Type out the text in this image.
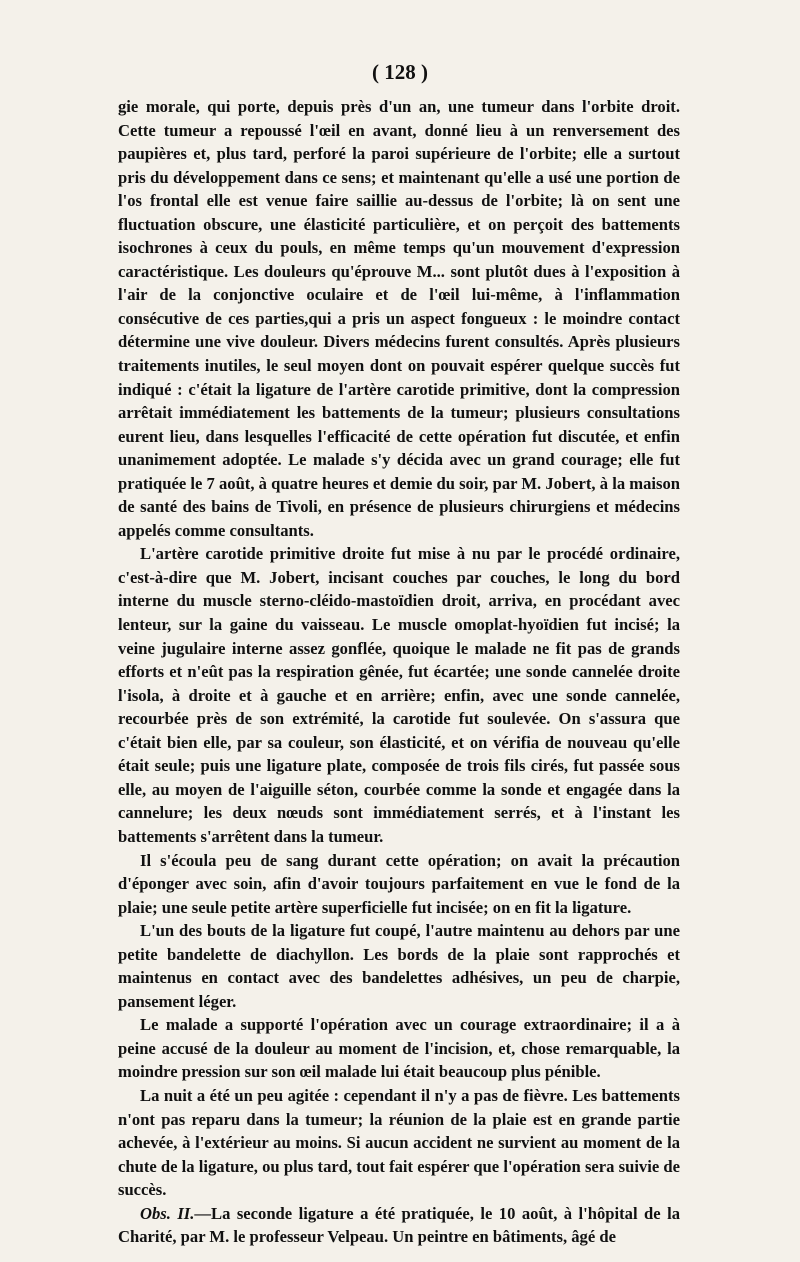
( 128 )

gie morale, qui porte, depuis près d'un an, une tumeur dans l'orbite droit. Cette tumeur a repoussé l'œil en avant, donné lieu à un renversement des paupières et, plus tard, perforé la paroi supérieure de l'orbite; elle a surtout pris du développement dans ce sens; et maintenant qu'elle a usé une portion de l'os frontal elle est venue faire saillie au-dessus de l'orbite; là on sent une fluctuation obscure, une élasticité particulière, et on perçoit des battements isochrones à ceux du pouls, en même temps qu'un mouvement d'expression caractéristique. Les douleurs qu'éprouve M... sont plutôt dues à l'exposition à l'air de la conjonctive oculaire et de l'œil lui-même, à l'inflammation consécutive de ces parties,qui a pris un aspect fongueux : le moindre contact détermine une vive douleur. Divers médecins furent consultés. Après plusieurs traitements inutiles, le seul moyen dont on pouvait espérer quelque succès fut indiqué : c'était la ligature de l'artère carotide primitive, dont la compression arrêtait immédiatement les battements de la tumeur; plusieurs consultations eurent lieu, dans lesquelles l'efficacité de cette opération fut discutée, et enfin unanimement adoptée. Le malade s'y décida avec un grand courage; elle fut pratiquée le 7 août, à quatre heures et demie du soir, par M. Jobert, à la maison de santé des bains de Tivoli, en présence de plusieurs chirurgiens et médecins appelés comme consultants.

L'artère carotide primitive droite fut mise à nu par le procédé ordinaire, c'est-à-dire que M. Jobert, incisant couches par couches, le long du bord interne du muscle sterno-cléido-mastoïdien droit, arriva, en procédant avec lenteur, sur la gaine du vaisseau. Le muscle omoplat-hyoïdien fut incisé; la veine jugulaire interne assez gonflée, quoique le malade ne fit pas de grands efforts et n'eût pas la respiration gênée, fut écartée; une sonde cannelée droite l'isola, à droite et à gauche et en arrière; enfin, avec une sonde cannelée, recourbée près de son extrémité, la carotide fut soulevée. On s'assura que c'était bien elle, par sa couleur, son élasticité, et on vérifia de nouveau qu'elle était seule; puis une ligature plate, composée de trois fils cirés, fut passée sous elle, au moyen de l'aiguille séton, courbée comme la sonde et engagée dans la cannelure; les deux nœuds sont immédiatement serrés, et à l'instant les battements s'arrêtent dans la tumeur.

Il s'écoula peu de sang durant cette opération; on avait la précaution d'éponger avec soin, afin d'avoir toujours parfaitement en vue le fond de la plaie; une seule petite artère superficielle fut incisée; on en fit la ligature.

L'un des bouts de la ligature fut coupé, l'autre maintenu au dehors par une petite bandelette de diachyllon. Les bords de la plaie sont rapprochés et maintenus en contact avec des bandelettes adhésives, un peu de charpie, pansement léger.

Le malade a supporté l'opération avec un courage extraordinaire; il a à peine accusé de la douleur au moment de l'incision, et, chose remarquable, la moindre pression sur son œil malade lui était beaucoup plus pénible.

La nuit a été un peu agitée : cependant il n'y a pas de fièvre. Les battements n'ont pas reparu dans la tumeur; la réunion de la plaie est en grande partie achevée, à l'extérieur au moins. Si aucun accident ne survient au moment de la chute de la ligature, ou plus tard, tout fait espérer que l'opération sera suivie de succès.

Obs. II.—La seconde ligature a été pratiquée, le 10 août, à l'hôpital de la Charité, par M. le professeur Velpeau. Un peintre en bâtiments, âgé de
